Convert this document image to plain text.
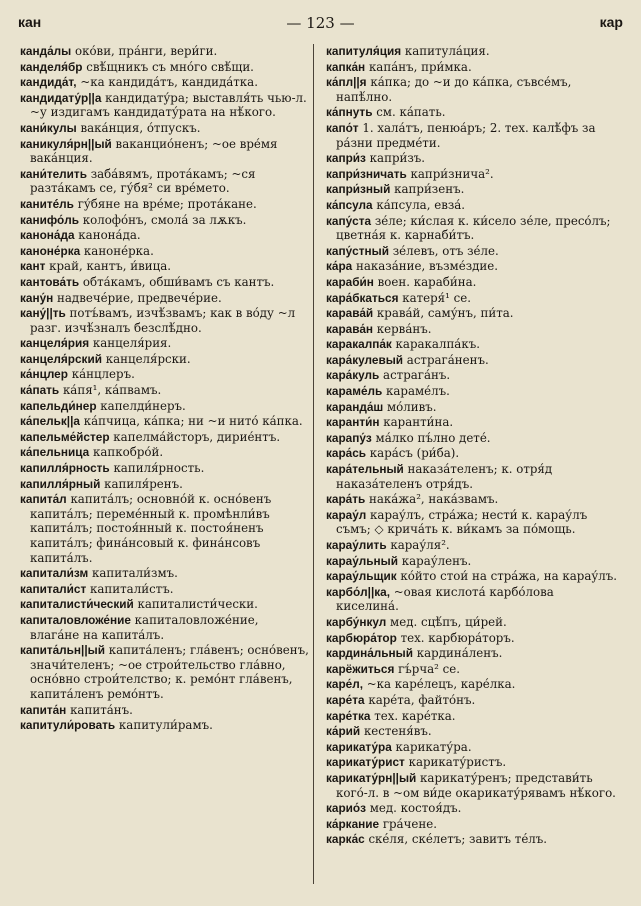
кан	— 123 —	кар
канда́лы око́ви, пра́нги, вери́ги.
канделя́бр свѣ́щникъ съ мно́го свѣ́щи.
кандида́т, ~ка кандида́тъ, кандида́тка.
кандидату́р||а кандидату́ра; выставля́ть чью-л. ~у издигамъ кандидату́рата на нѣ́кого.
кани́кулы вака́нция, о́тпускъ.
каникуля́рн||ый ваканцио́ненъ; ~ое вре́мя вака́нция.
кани́телить заба́вямъ, прота́камъ; ~ся разта́камъ се, гу́бя² си вре́мето.
канитéль гу́бяне на вре́ме; прота́кане.
канифо́ль колофо́нъ, смола́ за лѫкъ.
канона́да канона́да.
каноне́рка каноне́рка.
кант край, кантъ, и́вица.
кантова́ть обта́камъ, обши́вамъ съ кантъ.
кану́н надвечéрие, предвечéрие.
кану́||ть потъ́вамъ, изчѣ́звамъ; как в во́ду ~л разг. изчѣ́зналъ безслѣ́дно.
канцеля́рия канцеля́рия.
канцеля́рский канцеля́рски.
ка́нцлер ка́нцлеръ.
ка́пать ка́пя¹, ка́пвамъ.
капельди́нер капелди́неръ.
ка́пельк||а ка́пчица, ка́пка; ни ~и нито́ ка́пка.
капельме́йстер капелма́йсторъ, дирие́нтъ.
ка́пельница капкобро́й.
капилля́рность капиля́рность.
капилля́рный капиля́ренъ.
капита́л капита́лъ; основно́й к. осно́венъ капита́лъ; переме́нный к. промѣнли́въ капита́лъ; постоя́нный к. постоя́ненъ капита́лъ; фина́нсовый к. фина́нсовъ капита́лъ.
капитали́зм капитали́змъ.
капитали́ст капитали́стъ.
капиталисти́ческий капиталисти́чески.
капиталовложе́ние капиталовложе́ние, влага́не на капита́лъ.
капита́льн||ый капита́ленъ; гла́венъ; осно́венъ, значи́теленъ; ~ое строи́тельство гла́вно, осно́вно строи́телство; к. ремо́нт гла́венъ, капита́ленъ ремо́нтъ.
капита́н капита́нъ.
капитули́ровать капитули́рамъ.
капитуля́ция капитула́ция.
капка́н капа́нъ, при́мка.
ка́пл||я ка́пка; до ~и до ка́пка, съвсе́мъ, напѣ́лно.
ка́пнуть см. ка́пать.
капо́т 1. хала́тъ, пенюа́ръ; 2. тех. калѣ́фъ за ра́зни предме́ти.
капри́з капри́зъ.
капри́зничать капри́знича².
капри́зный капри́зенъ.
ка́псула ка́псула, евза́.
капу́ста зе́ле; ки́слая к. ки́село зе́ле, пресо́лъ; цветна́я к. карнаби́тъ.
капу́стный зе́левъ, отъ зе́ле.
ка́ра наказа́ние, възме́здие.
караби́н воен. караби́на.
кара́бкаться катеря́¹ се.
карава́й крава́й, саму́нъ, пи́та.
карава́н керва́нъ.
каракалпа́к каракалпа́къ.
кара́кулевый астрага́ненъ.
кара́куль астрага́нъ.
караме́ль караме́лъ.
каранда́ш мо́ливъ.
каранти́н каранти́на.
карапу́з ма́лко пъ́лно дете́.
кара́сь кара́съ (ри́ба).
кара́тельный наказа́теленъ; к. отря́д наказа́теленъ отря́дъ.
кара́ть нака́жа², нака́звамъ.
карау́л карау́лъ, стра́жа; нести́ к. карау́лъ съмъ; ◇ крича́ть к. ви́камъ за по́мощь.
карау́лить карау́ля².
карау́льный карау́ленъ.
карау́льщик ко́йто стои́ на стра́жа, на карау́лъ.
карбо́л||ка, ~овая кислота́ карбо́лова киселина́.
карбу́нкул мед. сцѣ́пъ, ци́рей.
карбюра́тор тех. карбюра́торъ.
кардина́льный кардина́ленъ.
карёжиться гъ́рча² се.
каре́л, ~ка каре́лецъ, каре́лка.
каре́та каре́та, файто́нъ.
каре́тка тех. каре́тка.
ка́рий кестеня́въ.
карикату́ра карикату́ра.
карикату́рист карикату́ристъ.
карикату́рн||ый карикату́ренъ; представи́ть кого́-л. в ~ом ви́де окарикату́рявамъ нѣ́кого.
карио́з мед. костоя́дъ.
ка́ркание гра́чене.
карка́с скéля, скéлетъ; завитъ тéлъ.
